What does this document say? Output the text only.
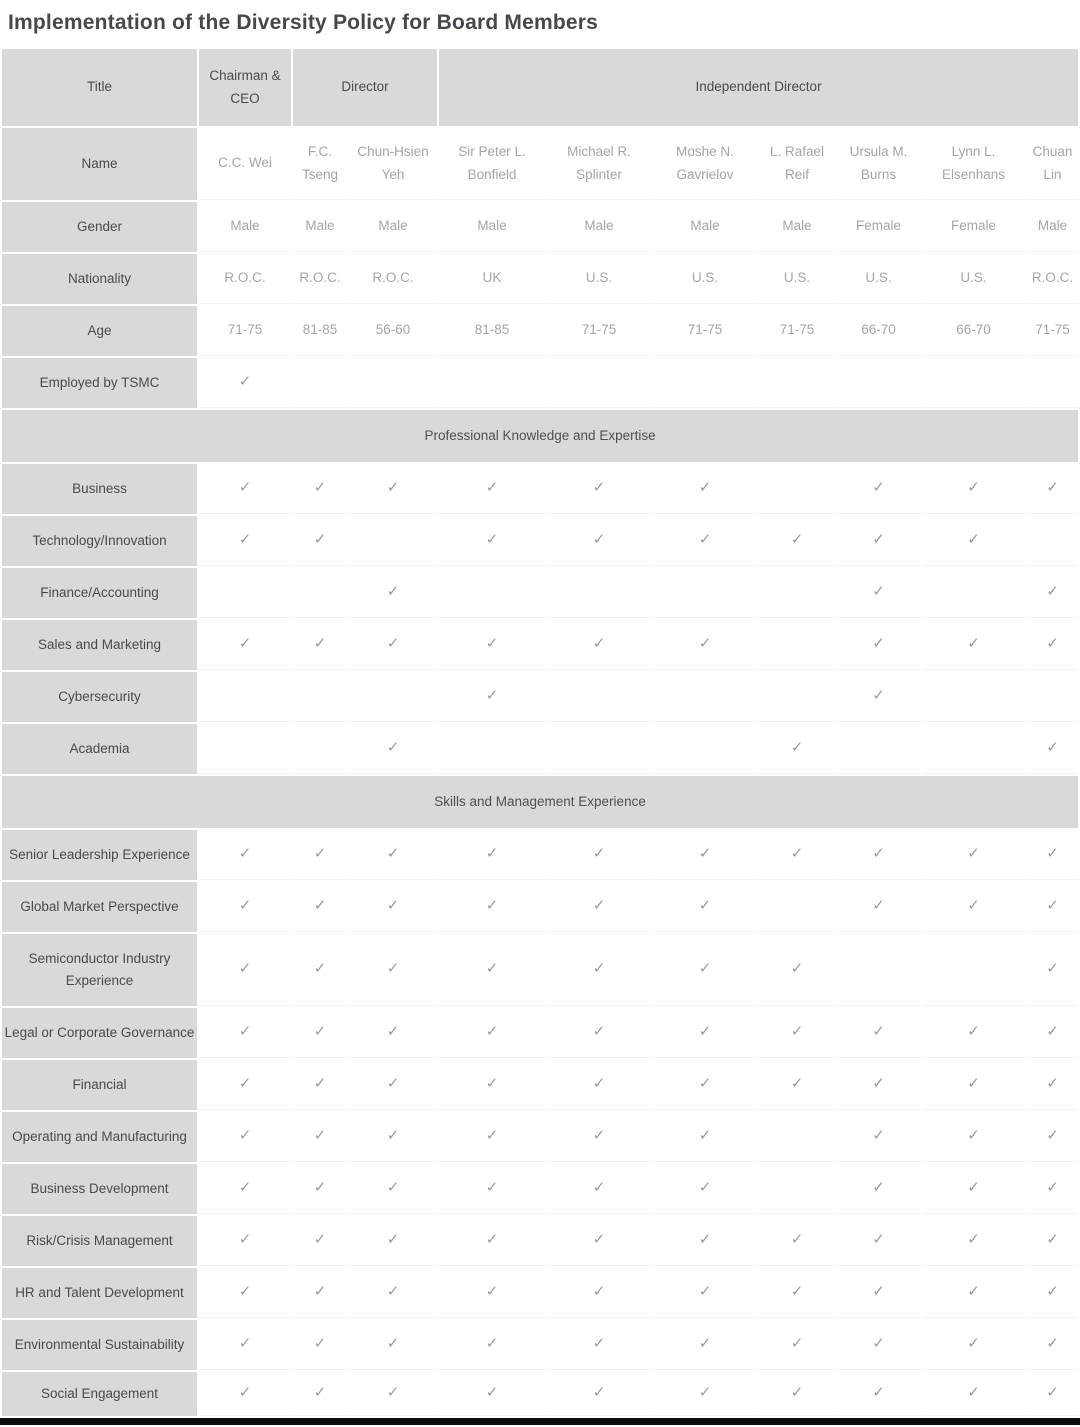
Implementation of the Diversity Policy for Board Members
Title	Chairman & CEO	Director		Independent Director						
Name	C.C. Wei	F.C. Tseng	Chun-Hsien Yeh	Sir Peter L. Bonfield	Michael R. Splinter	Moshe N. Gavrielov	L. Rafael Reif	Ursula M. Burns	Lynn L. Elsenhans	Chuan Lin
Gender	Male	Male	Male	Male	Male	Male	Male	Female	Female	Male
Nationality	R.O.C.	R.O.C.	R.O.C.	UK	U.S.	U.S.	U.S.	U.S.	U.S.	R.O.C.
Age	71-75	81-85	56-60	81-85	71-75	71-75	71-75	66-70	66-70	71-75
Employed by TSMC	✓									
Professional Knowledge and Expertise										
Business	✓	✓	✓	✓	✓	✓		✓	✓	✓
Technology/Innovation	✓	✓		✓	✓	✓	✓	✓	✓	
Finance/Accounting			✓					✓		✓
Sales and Marketing	✓	✓	✓	✓	✓	✓		✓	✓	✓
Cybersecurity				✓				✓		
Academia			✓				✓			✓
Skills and Management Experience										
Senior Leadership Experience	✓	✓	✓	✓	✓	✓	✓	✓	✓	✓
Global Market Perspective	✓	✓	✓	✓	✓	✓		✓	✓	✓
Semiconductor Industry Experience	✓	✓	✓	✓	✓	✓	✓			✓
Legal or Corporate Governance	✓	✓	✓	✓	✓	✓	✓	✓	✓	✓
Financial	✓	✓	✓	✓	✓	✓	✓	✓	✓	✓
Operating and Manufacturing	✓	✓	✓	✓	✓	✓		✓	✓	✓
Business Development	✓	✓	✓	✓	✓	✓		✓	✓	✓
Risk/Crisis Management	✓	✓	✓	✓	✓	✓	✓	✓	✓	✓
HR and Talent Development	✓	✓	✓	✓	✓	✓	✓	✓	✓	✓
Environmental Sustainability	✓	✓	✓	✓	✓	✓	✓	✓	✓	✓
Social Engagement	✓	✓	✓	✓	✓	✓	✓	✓	✓	✓
